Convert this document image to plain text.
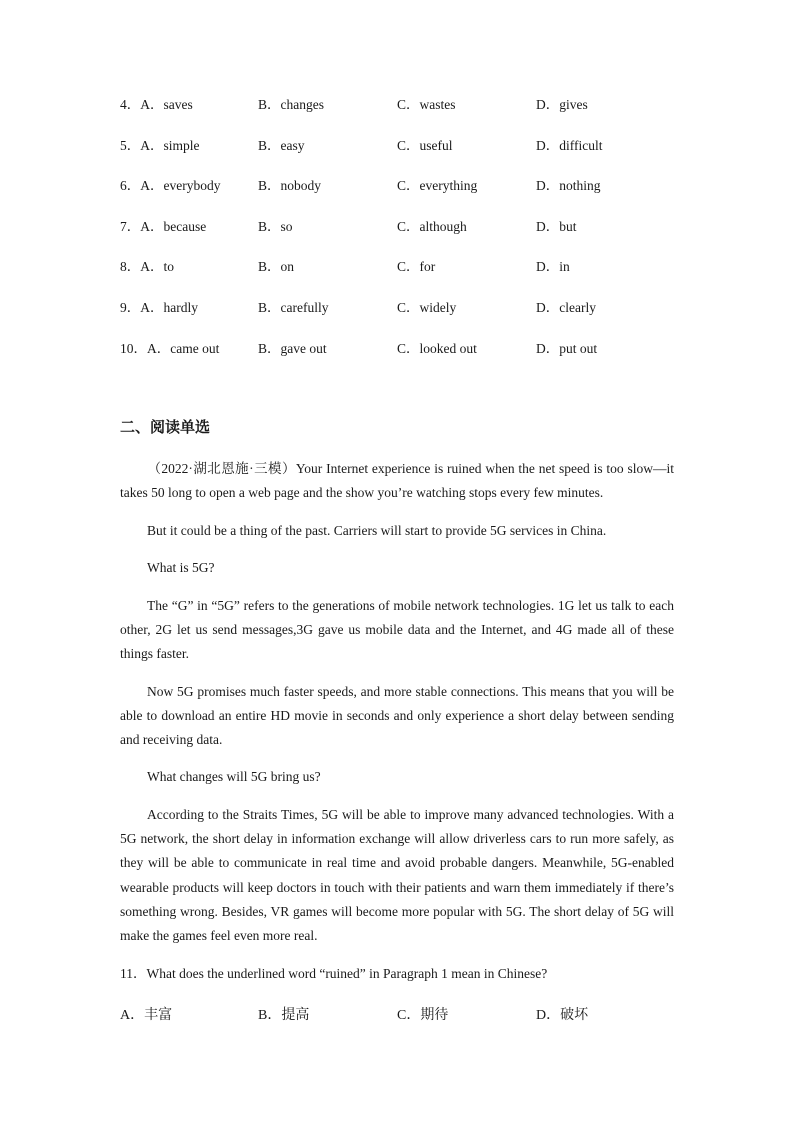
4．A．saves	B．changes	C．wastes	D．gives
5．A．simple	B．easy	C．useful	D．difficult
6．A．everybody	B．nobody	C．everything	D．nothing
7．A．because	B．so	C．although	D．but
8．A．to	B．on	C．for	D．in
9．A．hardly	B．carefully	C．widely	D．clearly
10．A．came out	B．gave out	C．looked out	D．put out
二、阅读单选
（2022·湖北恩施·三模）Your Internet experience is ruined when the net speed is too slow—it takes 50 long to open a web page and the show you’re watching stops every few minutes.
But it could be a thing of the past. Carriers will start to provide 5G services in China.
What is 5G?
The “G” in “5G” refers to the generations of mobile network technologies. 1G let us talk to each other, 2G let us send messages,3G gave us mobile data and the Internet, and 4G made all of these things faster.
Now 5G promises much faster speeds, and more stable connections. This means that you will be able to download an entire HD movie in seconds and only experience a short delay between sending and receiving data.
What changes will 5G bring us?
According to the Straits Times, 5G will be able to improve many advanced technologies. With a 5G network, the short delay in information exchange will allow driverless cars to run more safely, as they will be able to communicate in real time and avoid probable dangers. Meanwhile, 5G-enabled wearable products will keep doctors in touch with their patients and warn them immediately if there’s something wrong. Besides, VR games will become more popular with 5G. The short delay of 5G will make the games feel even more real.
11．What does the underlined word “ruined” in Paragraph 1 mean in Chinese?
A．丰富	B．提高	C．期待	D．破坏
